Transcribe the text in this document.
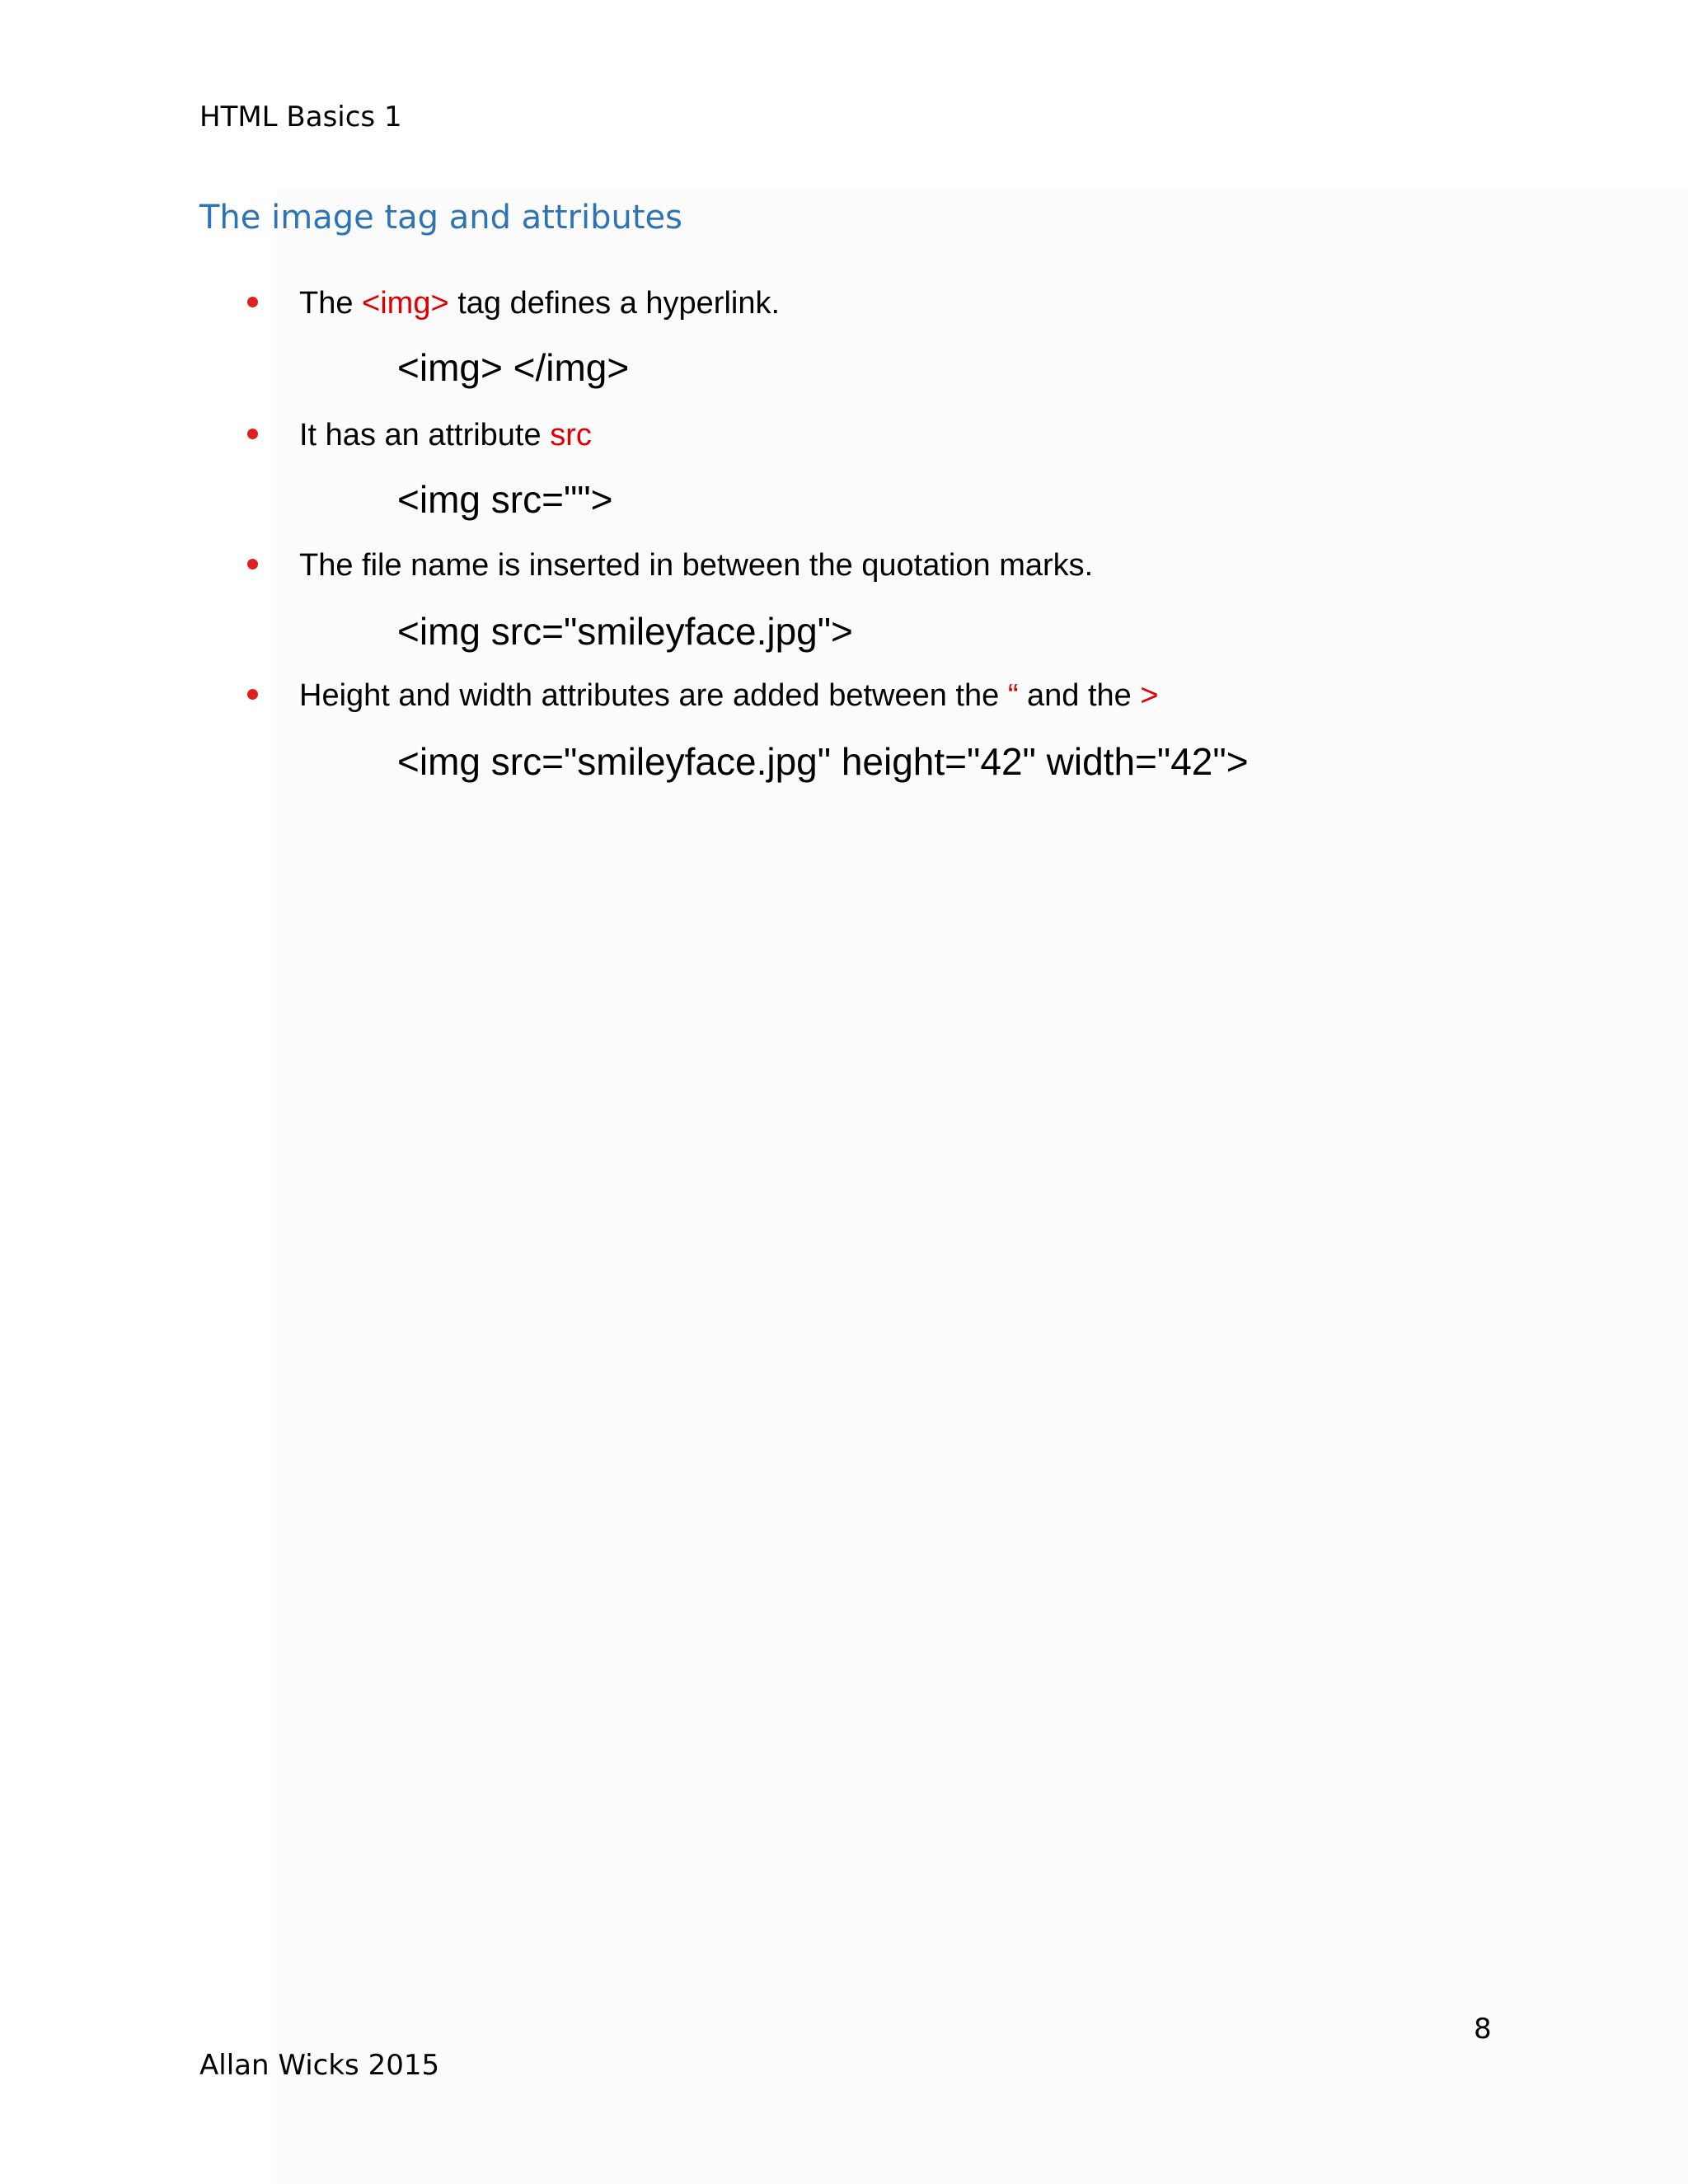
HTML Basics 1
The image tag and attributes
The <img> tag defines a hyperlink.
<img> </img>
It has an attribute src
<img src="">
The file name is inserted in between the quotation marks.
<img src="smileyface.jpg">
Height and width attributes are added between the “ and the >
<img src="smileyface.jpg" height="42" width="42">
8
Allan Wicks 2015
